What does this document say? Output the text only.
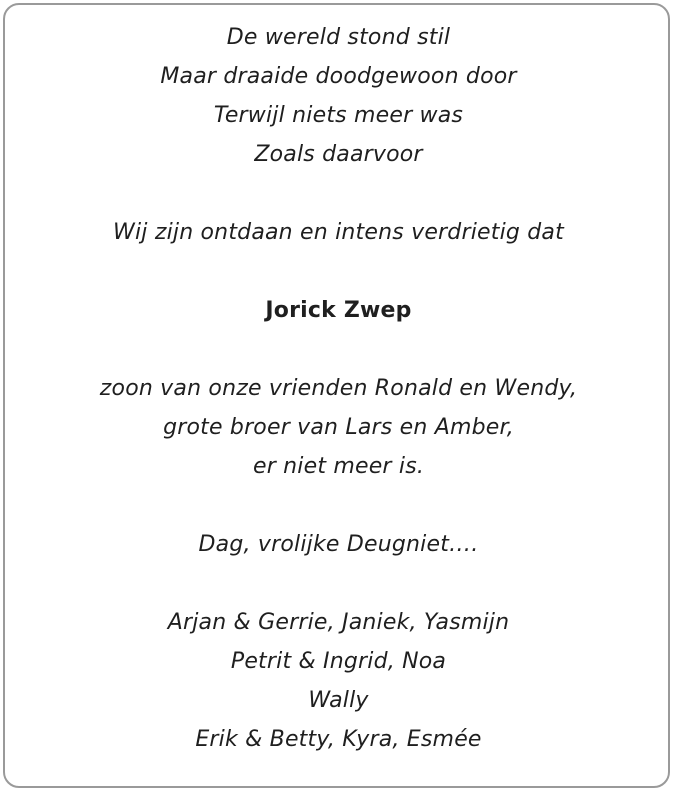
De wereld stond stil
Maar draaide doodgewoon door
Terwijl niets meer was
Zoals daarvoor
Wij zijn ontdaan en intens verdrietig dat
Jorick Zwep
zoon van onze vrienden Ronald en Wendy,
grote broer van Lars en Amber,
er niet meer is.
Dag, vrolijke Deugniet….
Arjan & Gerrie, Janiek, Yasmijn
Petrit & Ingrid, Noa
Wally
Erik & Betty, Kyra, Esmée
